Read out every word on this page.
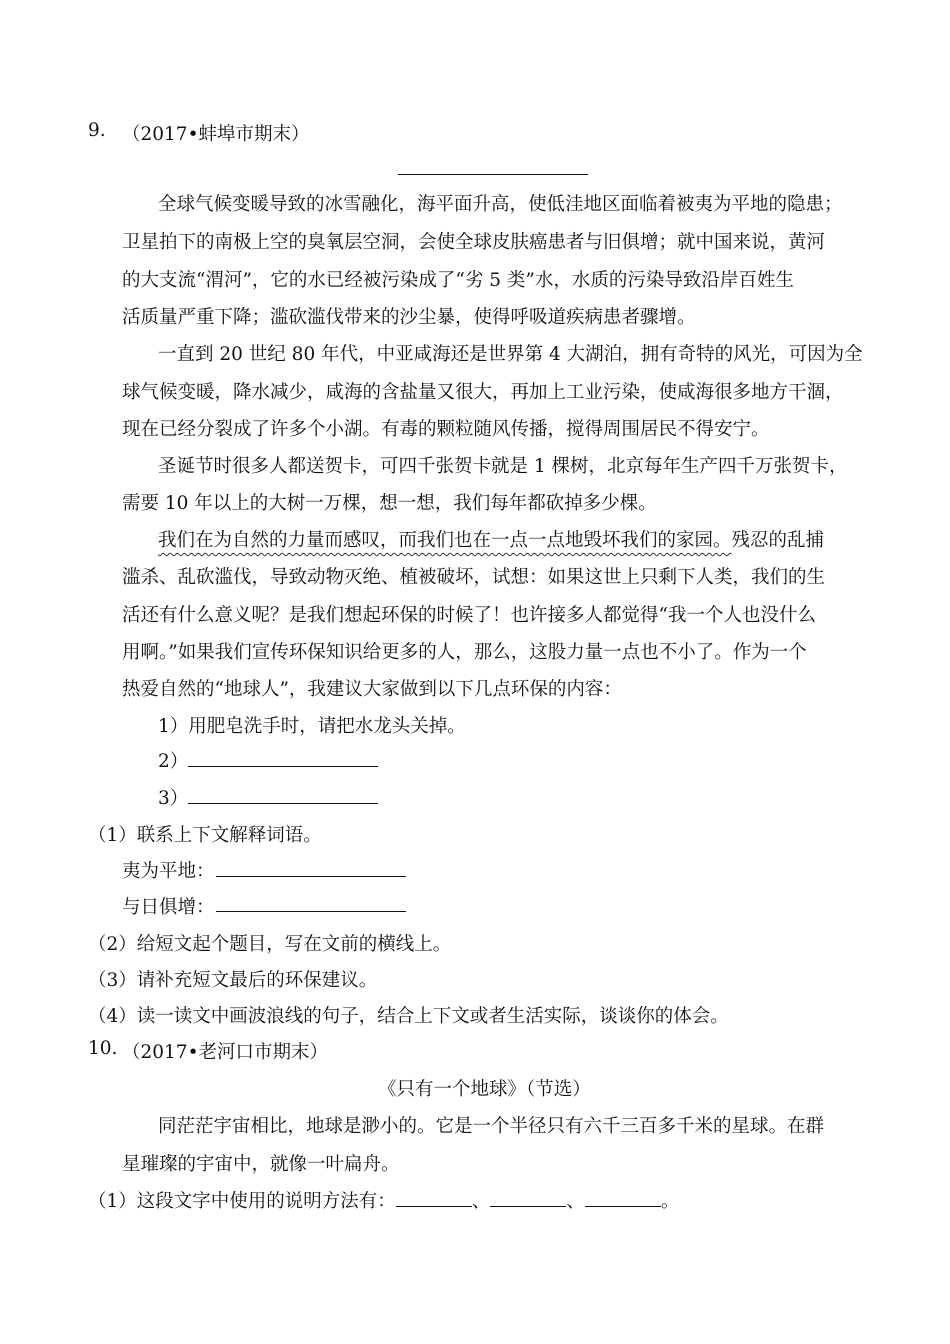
9. （2017•蚌埠市期末）
全球气候变暖导致的冰雪融化，海平面升高，使低洼地区面临着被夷为平地的隐患；
卫星拍下的南极上空的臭氧层空洞，会使全球皮肤癌患者与旧俱增；就中国来说，黄河
的大支流“渭河”，它的水已经被污染成了“劣 5 类”水，水质的污染导致沿岸百姓生
活质量严重下降；滥砍滥伐带来的沙尘暴，使得呼吸道疾病患者骤增。
一直到 20 世纪 80 年代，中亚咸海还是世界第 4 大湖泊，拥有奇特的风光，可因为全
球气候变暖，降水减少，咸海的含盐量又很大，再加上工业污染，使咸海很多地方干涸，
现在已经分裂成了许多个小湖。有毒的颗粒随风传播，搅得周围居民不得安宁。
圣诞节时很多人都送贺卡，可四千张贺卡就是 1 棵树，北京每年生产四千万张贺卡，
需要 10 年以上的大树一万棵，想一想，我们每年都砍掉多少棵。
我们在为自然的力量而感叹，而我们也在一点一点地毁坏我们的家园。残忍的乱捕
滥杀、乱砍滥伐，导致动物灭绝、植被破坏，试想：如果这世上只剩下人类，我们的生
活还有什么意义呢？是我们想起环保的时候了！也许接多人都觉得“我一个人也没什么
用啊。”如果我们宣传环保知识给更多的人，那么，这股力量一点也不小了。作为一个
热爱自然的“地球人”，我建议大家做到以下几点环保的内容：
1）用肥皂洗手时，请把水龙头关掉。
2）
3）
（1）联系上下文解释词语。
夷为平地：
与日俱增：
（2）给短文起个题目，写在文前的横线上。
（3）请补充短文最后的环保建议。
（4）读一读文中画波浪线的句子，结合上下文或者生活实际，谈谈你的体会。
10. （2017•老河口市期末）
《只有一个地球》（节选）
同茫茫宇宙相比，地球是渺小的。它是一个半径只有六千三百多千米的星球。在群
星璀璨的宇宙中，就像一叶扁舟。
（1）这段文字中使用的说明方法有：	、	、	。
